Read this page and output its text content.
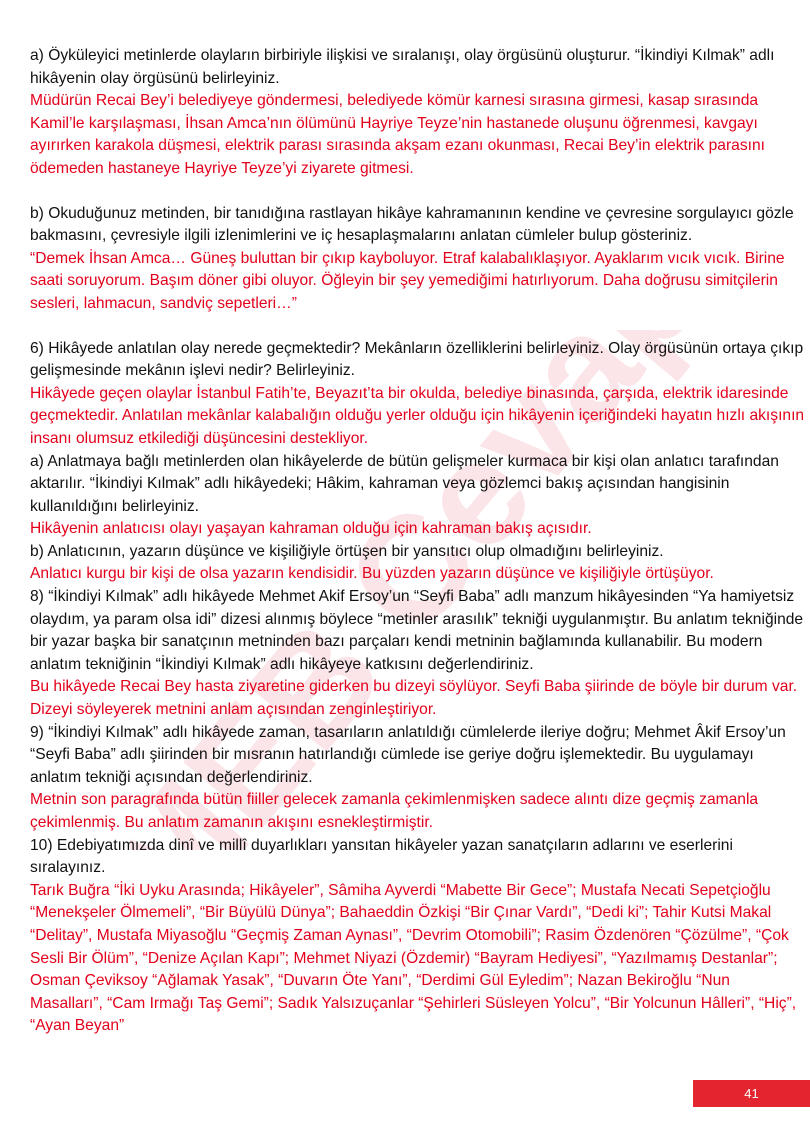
MEB Cevap

a) Öyküleyici metinlerde olayların birbiriyle ilişkisi ve sıralanışı, olay örgüsünü oluşturur. “İkindiyi Kılmak” adlı hikâyenin olay örgüsünü belirleyiniz.

Müdürün Recai Bey’i belediyeye göndermesi, belediyede kömür karnesi sırasına girmesi, kasap sırasında Kamil’le karşılaşması, İhsan Amca’nın ölümünü Hayriye Teyze’nin hastanede oluşunu öğrenmesi, kavgayı ayırırken karakola düşmesi, elektrik parası sırasında akşam ezanı okunması, Recai Bey’in elektrik parasını ödemeden hastaneye Hayriye Teyze’yi ziyarete gitmesi.

b) Okuduğunuz metinden, bir tanıdığına rastlayan hikâye kahramanının kendine ve çevresine sorgulayıcı gözle bakmasını, çevresiyle ilgili izlenimlerini ve iç hesaplaşmalarını anlatan cümleler bulup gösteriniz.

“Demek İhsan Amca… Güneş buluttan bir çıkıp kayboluyor. Etraf kalabalıklaşıyor. Ayaklarım vıcık vıcık. Birine saati soruyorum. Başım döner gibi oluyor. Öğleyin bir şey yemediğimi hatırlıyorum. Daha doğrusu simitçilerin sesleri, lahmacun, sandviç sepetleri…”

6) Hikâyede anlatılan olay nerede geçmektedir? Mekânların özelliklerini belirleyiniz. Olay örgüsünün ortaya çıkıp gelişmesinde mekânın işlevi nedir? Belirleyiniz.

Hikâyede geçen olaylar İstanbul Fatih’te, Beyazıt’ta bir okulda, belediye binasında, çarşıda, elektrik idaresinde geçmektedir. Anlatılan mekânlar kalabalığın olduğu yerler olduğu için hikâyenin içeriğindeki hayatın hızlı akışının insanı olumsuz etkilediği düşüncesini destekliyor.

a) Anlatmaya bağlı metinlerden olan hikâyelerde de bütün gelişmeler kurmaca bir kişi olan anlatıcı tarafından aktarılır. “İkindiyi Kılmak” adlı hikâyedeki; Hâkim, kahraman veya gözlemci bakış açısından hangisinin kullanıldığını belirleyiniz.

Hikâyenin anlatıcısı olayı yaşayan kahraman olduğu için kahraman bakış açısıdır.

b) Anlatıcının, yazarın düşünce ve kişiliğiyle örtüşen bir yansıtıcı olup olmadığını belirleyiniz.

Anlatıcı kurgu bir kişi de olsa yazarın kendisidir. Bu yüzden yazarın düşünce ve kişiliğiyle örtüşüyor.

8) “İkindiyi Kılmak” adlı hikâyede Mehmet Akif Ersoy’un “Seyfi Baba” adlı manzum hikâyesinden “Ya hamiyetsiz olaydım, ya param olsa idi” dizesi alınmış böylece “metinler arasılık” tekniği uygulanmıştır. Bu anlatım tekniğinde bir yazar başka bir sanatçının metninden bazı parçaları kendi metninin bağlamında kullanabilir. Bu modern anlatım tekniğinin “İkindiyi Kılmak” adlı hikâyeye katkısını değerlendiriniz.

Bu hikâyede Recai Bey hasta ziyaretine giderken bu dizeyi söylüyor. Seyfi Baba şiirinde de böyle bir durum var. Dizeyi söyleyerek metnini anlam açısından zenginleştiriyor.

9) “İkindiyi Kılmak” adlı hikâyede zaman, tasarıların anlatıldığı cümlelerde ileriye doğru; Mehmet Âkif Ersoy’un “Seyfi Baba” adlı şiirinden bir mısranın hatırlandığı cümlede ise geriye doğru işlemektedir. Bu uygulamayı anlatım tekniği açısından değerlendiriniz.

Metnin son paragrafında bütün fiiller gelecek zamanla çekimlenmişken sadece alıntı dize geçmiş zamanla çekimlenmiş. Bu anlatım zamanın akışını esnekleştirmiştir.

10) Edebiyatımızda dinî ve millî duyarlıkları yansıtan hikâyeler yazan sanatçıların adlarını ve eserlerini sıralayınız.

Tarık Buğra “İki Uyku Arasında; Hikâyeler”, Sâmiha Ayverdi “Mabette Bir Gece”; Mustafa Necati Sepetçioğlu “Menekşeler Ölmemeli”, “Bir Büyülü Dünya”; Bahaeddin Özkişi “Bir Çınar Vardı”, “Dedi ki”; Tahir Kutsi Makal “Delitay”, Mustafa Miyasoğlu “Geçmiş Zaman Aynası”, “Devrim Otomobili”; Rasim Özdenören “Çözülme”, “Çok Sesli Bir Ölüm”, “Denize Açılan Kapı”; Mehmet Niyazi (Özdemir) “Bayram Hediyesi”, “Yazılmamış Destanlar”; Osman Çeviksoy “Ağlamak Yasak”, “Duvarın Öte Yanı”, “Derdimi Gül Eyledim”; Nazan Bekiroğlu “Nun Masalları”, “Cam Irmağı Taş Gemi”; Sadık Yalsızuçanlar “Şehirleri Süsleyen Yolcu”, “Bir Yolcunun Hâlleri”, “Hiç”, “Ayan Beyan”

41
